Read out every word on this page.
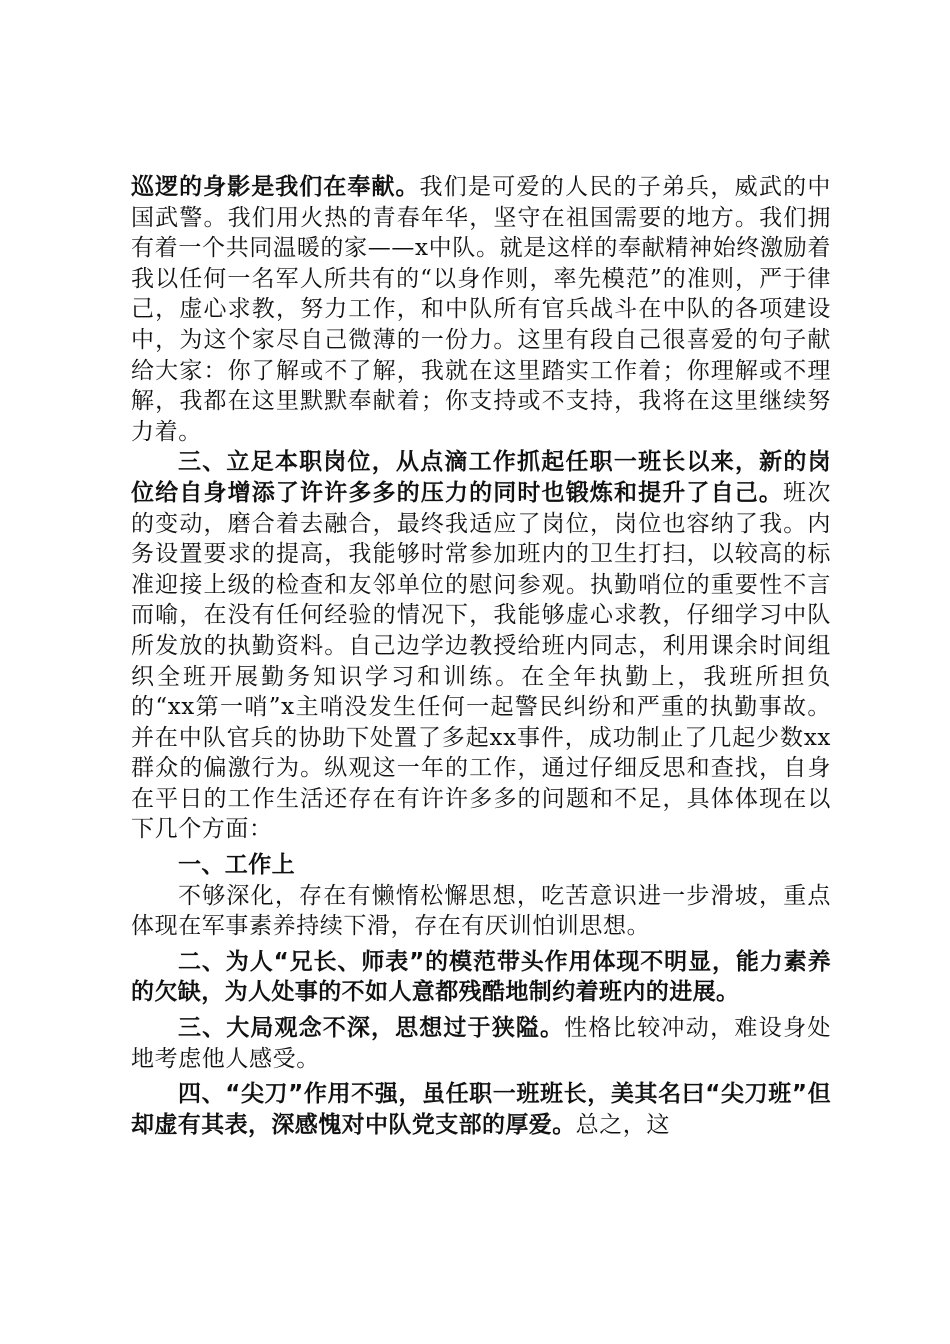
巡逻的身影是我们在奉献。我们是可爱的人民的子弟兵，威武的中国武警。我们用火热的青春年华，坚守在祖国需要的地方。我们拥有着一个共同温暖的家——x中队。就是这样的奉献精神始终激励着我以任何一名军人所共有的“以身作则，率先模范”的准则，严于律己，虚心求教，努力工作，和中队所有官兵战斗在中队的各项建设中，为这个家尽自己微薄的一份力。这里有段自己很喜爱的句子献给大家：你了解或不了解，我就在这里踏实工作着；你理解或不理解，我都在这里默默奉献着；你支持或不支持，我将在这里继续努力着。

三、立足本职岗位，从点滴工作抓起任职一班长以来，新的岗位给自身增添了许许多多的压力的同时也锻炼和提升了自己。班次的变动，磨合着去融合，最终我适应了岗位，岗位也容纳了我。内务设置要求的提高，我能够时常参加班内的卫生打扫，以较高的标准迎接上级的检查和友邻单位的慰问参观。执勤哨位的重要性不言而喻，在没有任何经验的情况下，我能够虚心求教，仔细学习中队所发放的执勤资料。自己边学边教授给班内同志，利用课余时间组织全班开展勤务知识学习和训练。在全年执勤上，我班所担负的“xx第一哨”x主哨没发生任何一起警民纠纷和严重的执勤事故。并在中队官兵的协助下处置了多起xx事件，成功制止了几起少数xx群众的偏激行为。纵观这一年的工作，通过仔细反思和查找，自身在平日的工作生活还存在有许许多多的问题和不足，具体体现在以下几个方面：

一、工作上

不够深化，存在有懒惰松懈思想，吃苦意识进一步滑坡，重点体现在军事素养持续下滑，存在有厌训怕训思想。

二、为人“兄长、师表”的模范带头作用体现不明显，能力素养的欠缺，为人处事的不如人意都残酷地制约着班内的进展。

三、大局观念不深，思想过于狭隘。性格比较冲动，难设身处地考虑他人感受。

四、“尖刀”作用不强，虽任职一班班长，美其名曰“尖刀班”但却虚有其表，深感愧对中队党支部的厚爱。总之，这
